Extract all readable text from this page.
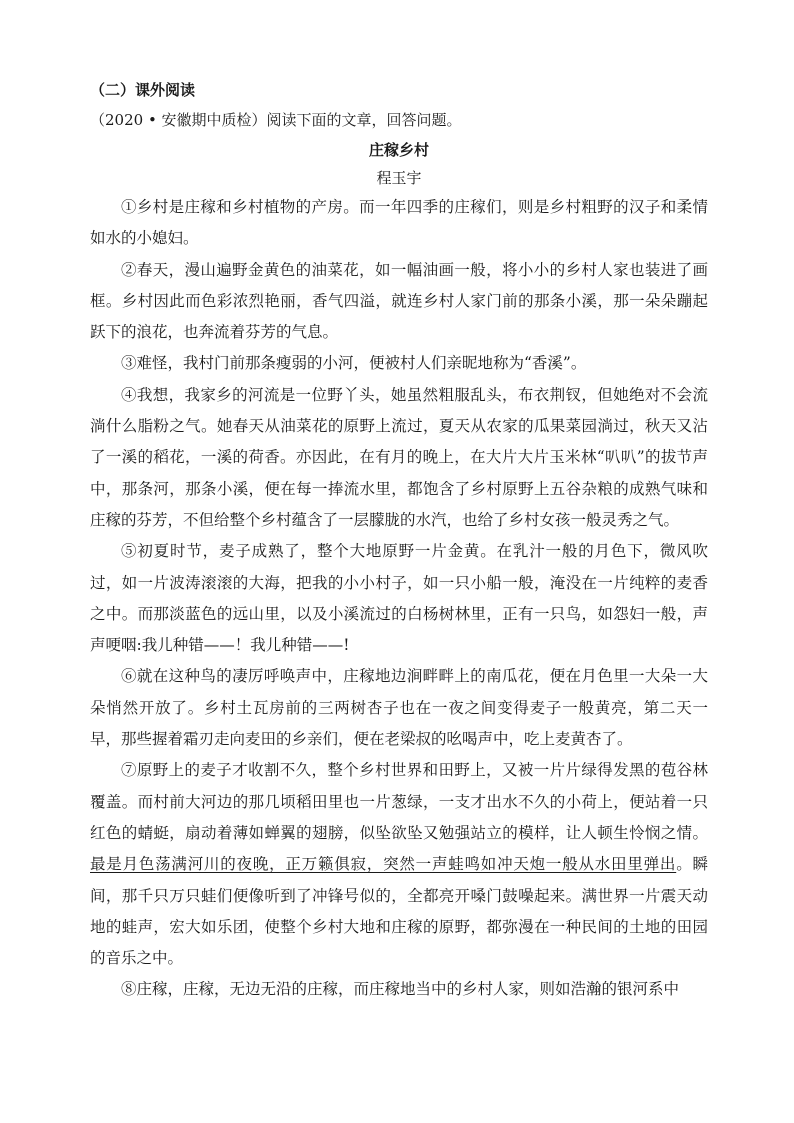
（二）课外阅读
（2020 • 安徽期中质检）阅读下面的文章，回答问题。
庄稼乡村
程玉宇

①乡村是庄稼和乡村植物的产房。而一年四季的庄稼们，则是乡村粗野的汉子和柔情如水的小媳妇。

②春天，漫山遍野金黄色的油菜花，如一幅油画一般，将小小的乡村人家也装进了画框。乡村因此而色彩浓烈艳丽，香气四溢，就连乡村人家门前的那条小溪，那一朵朵蹦起跃下的浪花，也奔流着芬芳的气息。

③难怪，我村门前那条瘦弱的小河，便被村人们亲昵地称为“香溪”。

④我想，我家乡的河流是一位野丫头，她虽然粗服乱头，布衣荆钗，但她绝对不会流淌什么脂粉之气。她春天从油菜花的原野上流过，夏天从农家的瓜果菜园淌过，秋天又沾了一溪的稻花，一溪的荷香。亦因此，在有月的晚上，在大片大片玉米林“叭叭”的拔节声中，那条河，那条小溪，便在每一捧流水里，都饱含了乡村原野上五谷杂粮的成熟气味和庄稼的芬芳，不但给整个乡村蕴含了一层朦胧的水汽，也给了乡村女孩一般灵秀之气。

⑤初夏时节，麦子成熟了，整个大地原野一片金黄。在乳汁一般的月色下，微风吹过，如一片波涛滚滚的大海，把我的小小村子，如一只小船一般，淹没在一片纯粹的麦香之中。而那淡蓝色的远山里，以及小溪流过的白杨树林里，正有一只鸟，如怨妇一般，声声哽咽:我儿种错——！我儿种错——!

⑥就在这种鸟的凄厉呼唤声中，庄稼地边涧畔畔上的南瓜花，便在月色里一大朵一大朵悄然开放了。乡村土瓦房前的三两树杏子也在一夜之间变得麦子一般黄亮，第二天一早，那些握着霜刃走向麦田的乡亲们，便在老梁叔的吆喝声中，吃上麦黄杏了。

⑦原野上的麦子才收割不久，整个乡村世界和田野上，又被一片片绿得发黑的苞谷林覆盖。而村前大河边的那几顷稻田里也一片葱绿，一支才出水不久的小荷上，便站着一只红色的蜻蜓，扇动着薄如蝉翼的翅膀，似坠欲坠又勉强站立的模样，让人顿生怜悯之情。最是月色荡满河川的夜晚，正万籁俱寂，突然一声蛙鸣如冲天炮一般从水田里弹出。瞬间，那千只万只蛙们便像听到了冲锋号似的，全都亮开嗓门鼓噪起来。满世界一片震天动地的蛙声，宏大如乐团，使整个乡村大地和庄稼的原野，都弥漫在一种民间的土地的田园的音乐之中。

⑧庄稼，庄稼，无边无沿的庄稼，而庄稼地当中的乡村人家，则如浩瀚的银河系中
